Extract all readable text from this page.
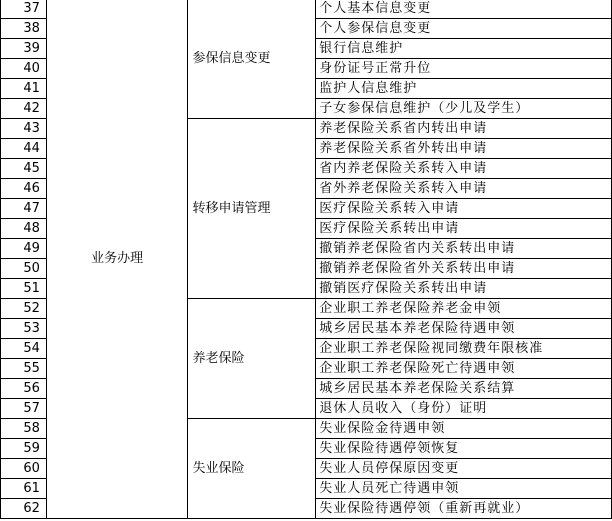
37	业务办理	参保信息变更	个人基本信息变更
38			个人参保信息变更
39			银行信息维护
40			身份证号正常升位
41			监护人信息维护
42			子女参保信息维护（少儿及学生）
43		转移申请管理	养老保险关系省内转出申请
44			养老保险关系省外转出申请
45			省内养老保险关系转入申请
46			省外养老保险关系转入申请
47			医疗保险关系转入申请
48			医疗保险关系转出申请
49			撤销养老保险省内关系转出申请
50			撤销养老保险省外关系转出申请
51			撤销医疗保险关系转出申请
52		养老保险	企业职工养老保险养老金申领
53			城乡居民基本养老保险待遇申领
54			企业职工养老保险视同缴费年限核准
55			企业职工养老保险死亡待遇申领
56			城乡居民基本养老保险关系结算
57			退休人员收入（身份）证明
58		失业保险	失业保险金待遇申领
59			失业保险待遇停领恢复
60			失业人员停保原因变更
61			失业人员死亡待遇申领
62			失业保险待遇停领（重新再就业）
